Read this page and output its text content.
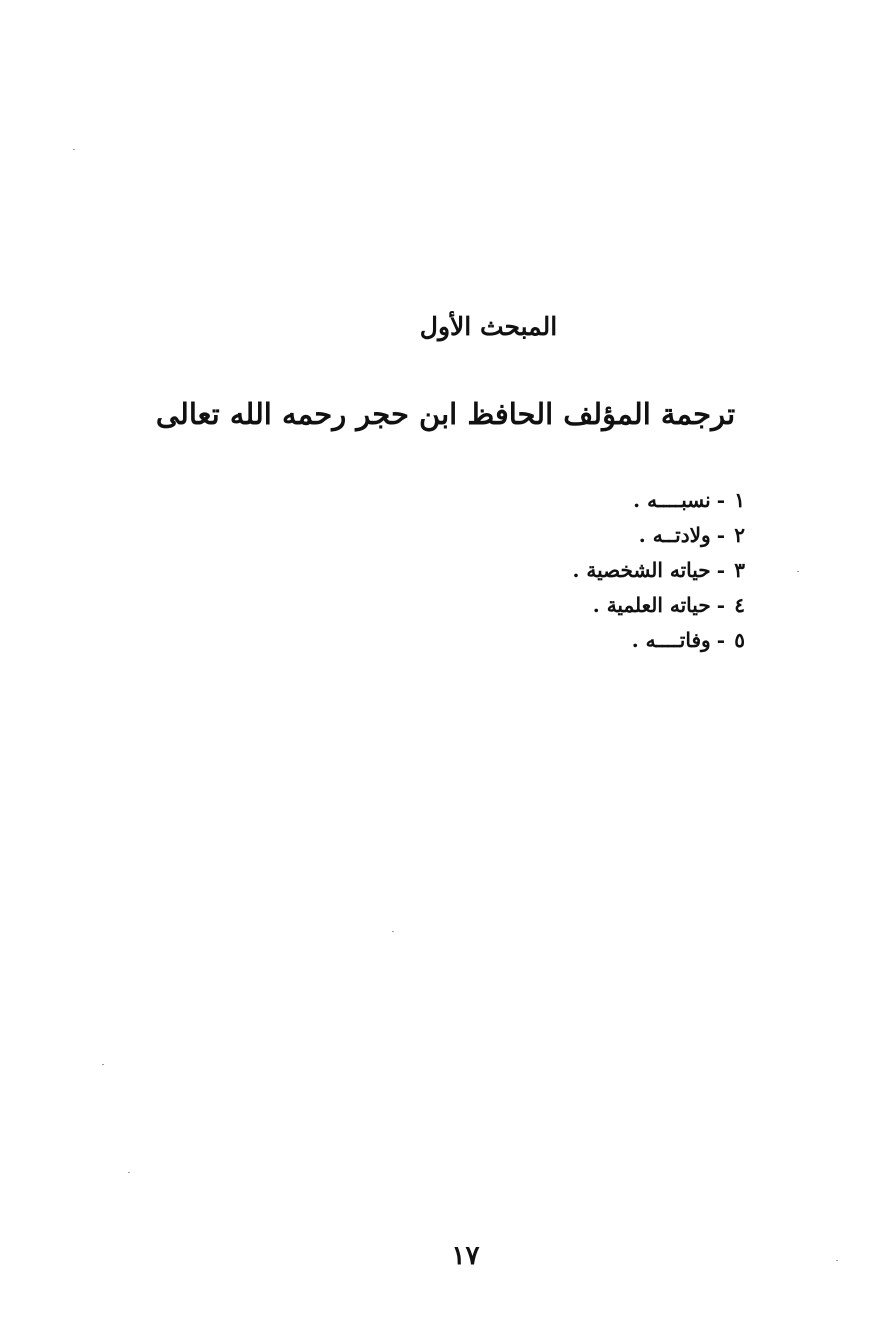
المبحث الأول
ترجمة المؤلف الحافظ ابن حجر رحمه الله تعالى
١-نسبــــه .
٢-ولادتــه .
٣-حياته الشخصية .
٤-حياته العلمية .
٥-وفاتــــه .
١٧
